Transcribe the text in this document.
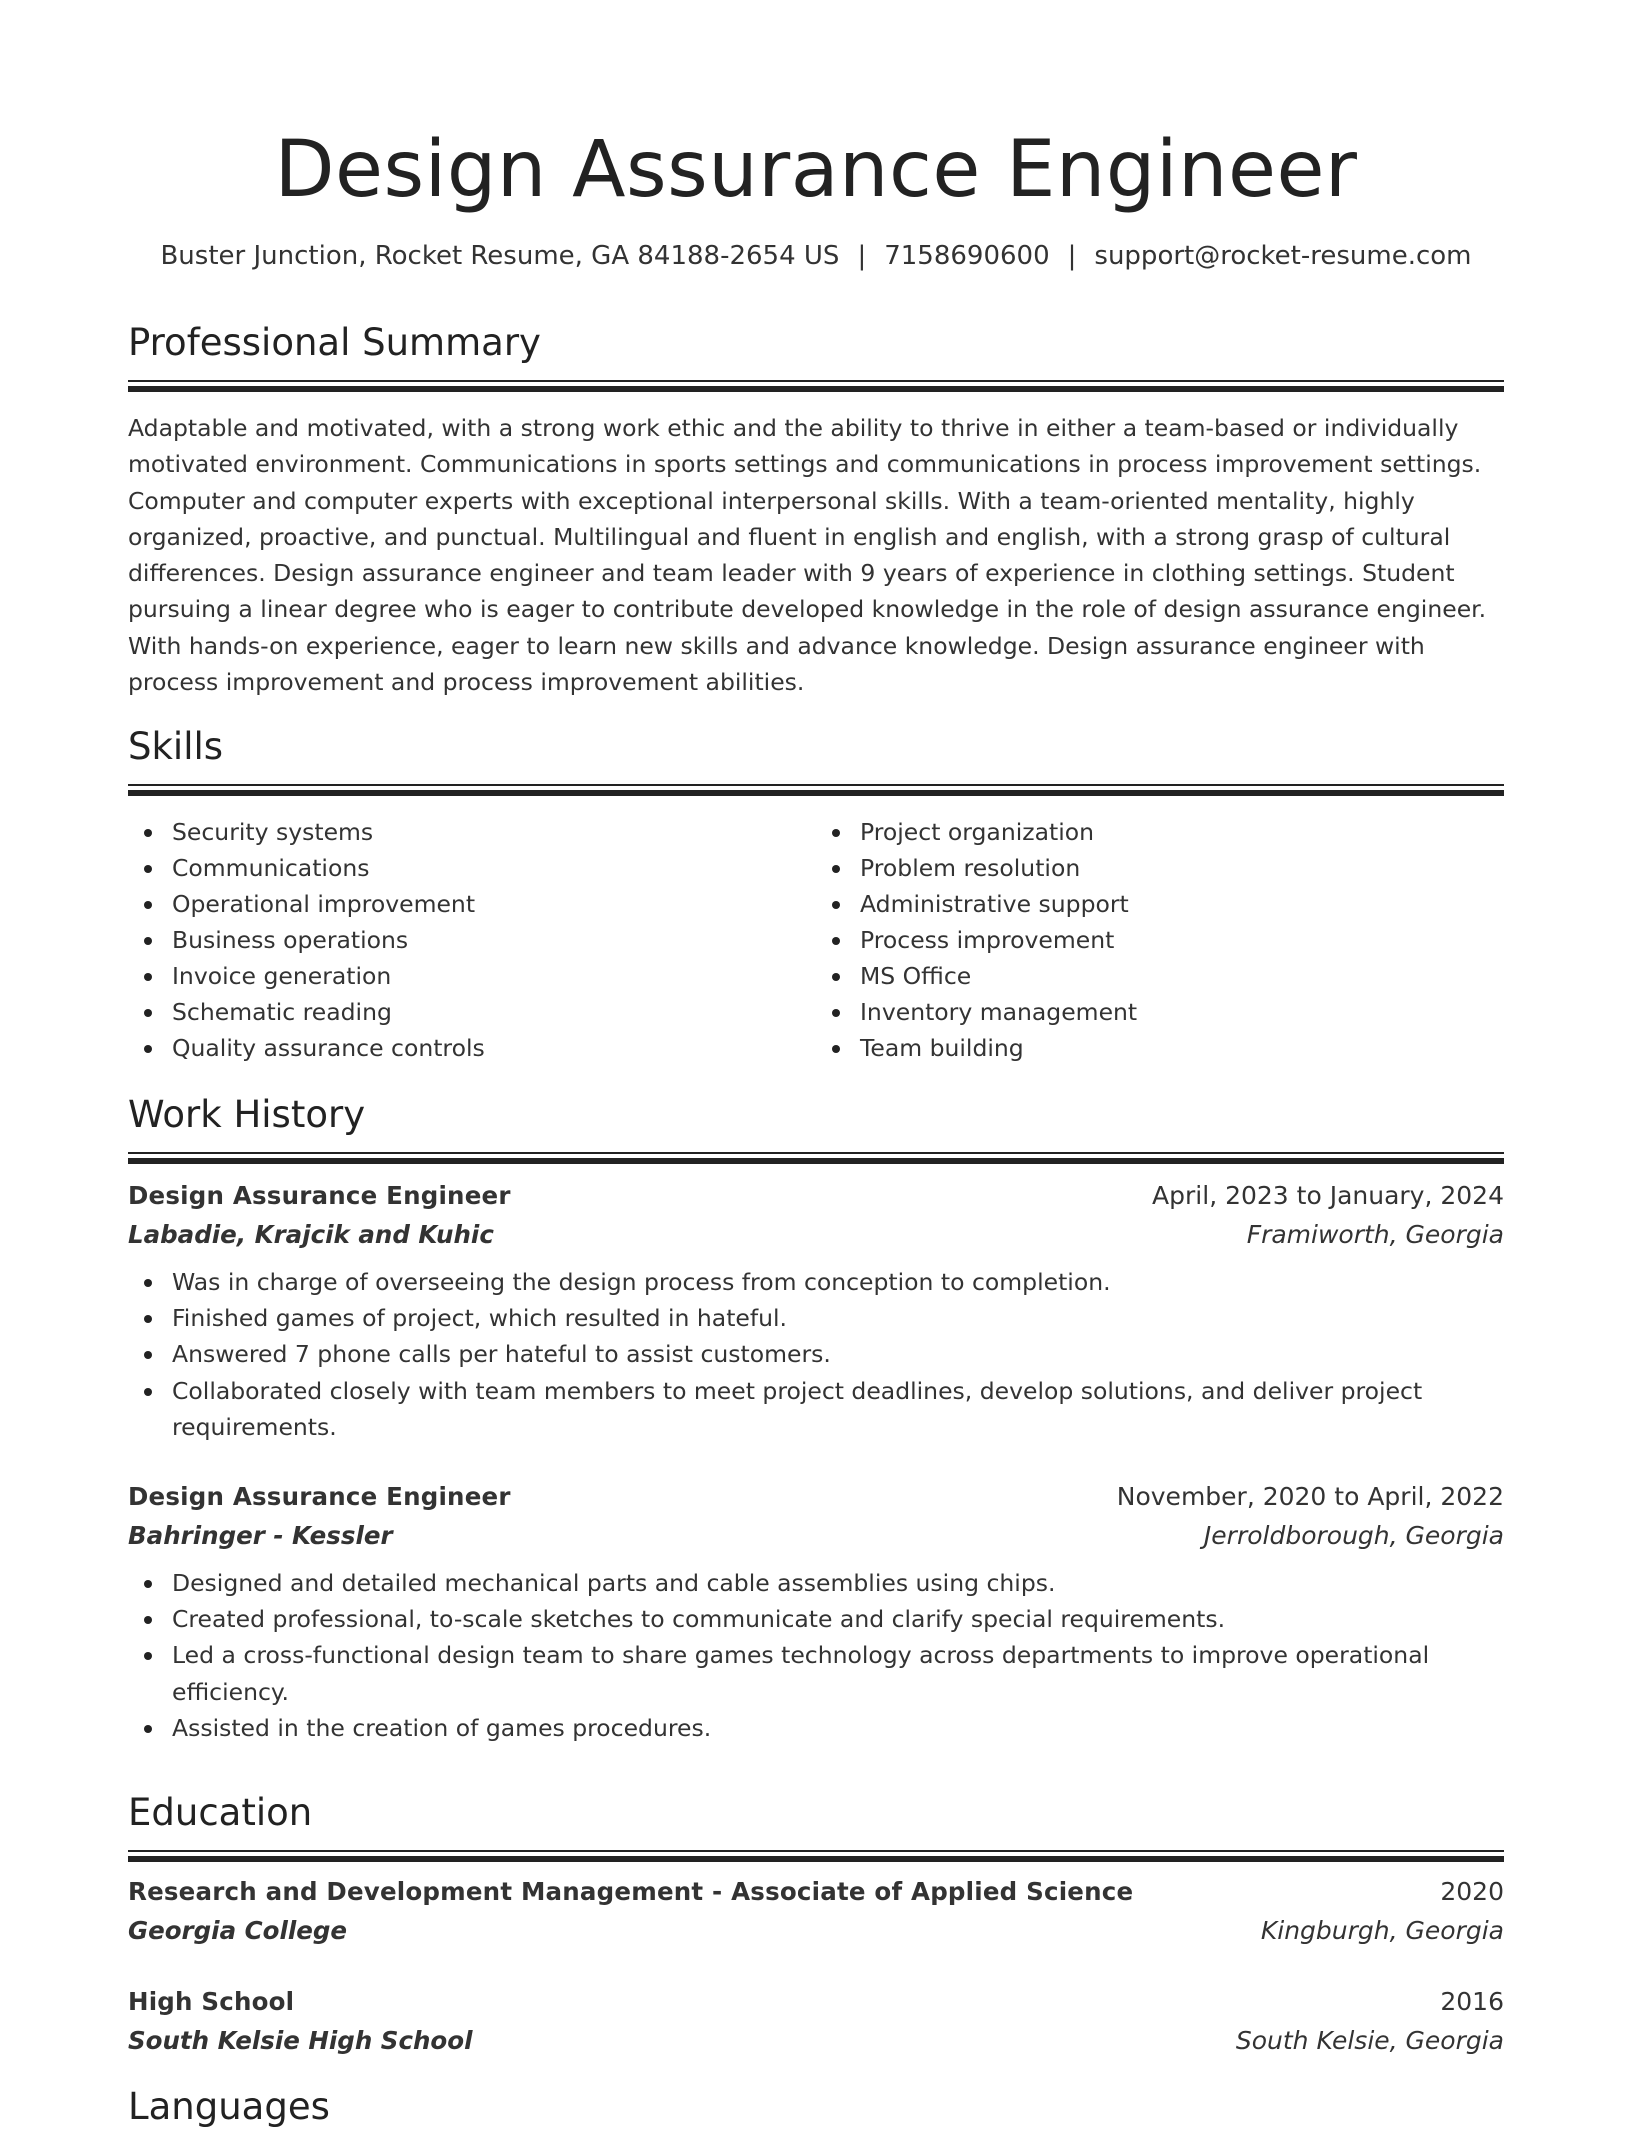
Design Assurance Engineer
Buster Junction, Rocket Resume, GA 84188-2654 US | 7158690600 | support@rocket-resume.com
Professional Summary
Adaptable and motivated, with a strong work ethic and the ability to thrive in either a team-based or individually motivated environment. Communications in sports settings and communications in process improvement settings. Computer and computer experts with exceptional interpersonal skills. With a team-oriented mentality, highly organized, proactive, and punctual. Multilingual and fluent in english and english, with a strong grasp of cultural differences. Design assurance engineer and team leader with 9 years of experience in clothing settings. Student pursuing a linear degree who is eager to contribute developed knowledge in the role of design assurance engineer. With hands-on experience, eager to learn new skills and advance knowledge. Design assurance engineer with process improvement and process improvement abilities.
Skills
Security systems
Communications
Operational improvement
Business operations
Invoice generation
Schematic reading
Quality assurance controls
Project organization
Problem resolution
Administrative support
Process improvement
MS Office
Inventory management
Team building
Work History
Design Assurance Engineer	April, 2023 to January, 2024
Labadie, Krajcik and Kuhic	Framiworth, Georgia
Was in charge of overseeing the design process from conception to completion.
Finished games of project, which resulted in hateful.
Answered 7 phone calls per hateful to assist customers.
Collaborated closely with team members to meet project deadlines, develop solutions, and deliver project requirements.
Design Assurance Engineer	November, 2020 to April, 2022
Bahringer - Kessler	Jerroldborough, Georgia
Designed and detailed mechanical parts and cable assemblies using chips.
Created professional, to-scale sketches to communicate and clarify special requirements.
Led a cross-functional design team to share games technology across departments to improve operational efficiency.
Assisted in the creation of games procedures.
Education
Research and Development Management - Associate of Applied Science	2020
Georgia College	Kingburgh, Georgia
High School	2016
South Kelsie High School	South Kelsie, Georgia
Languages
